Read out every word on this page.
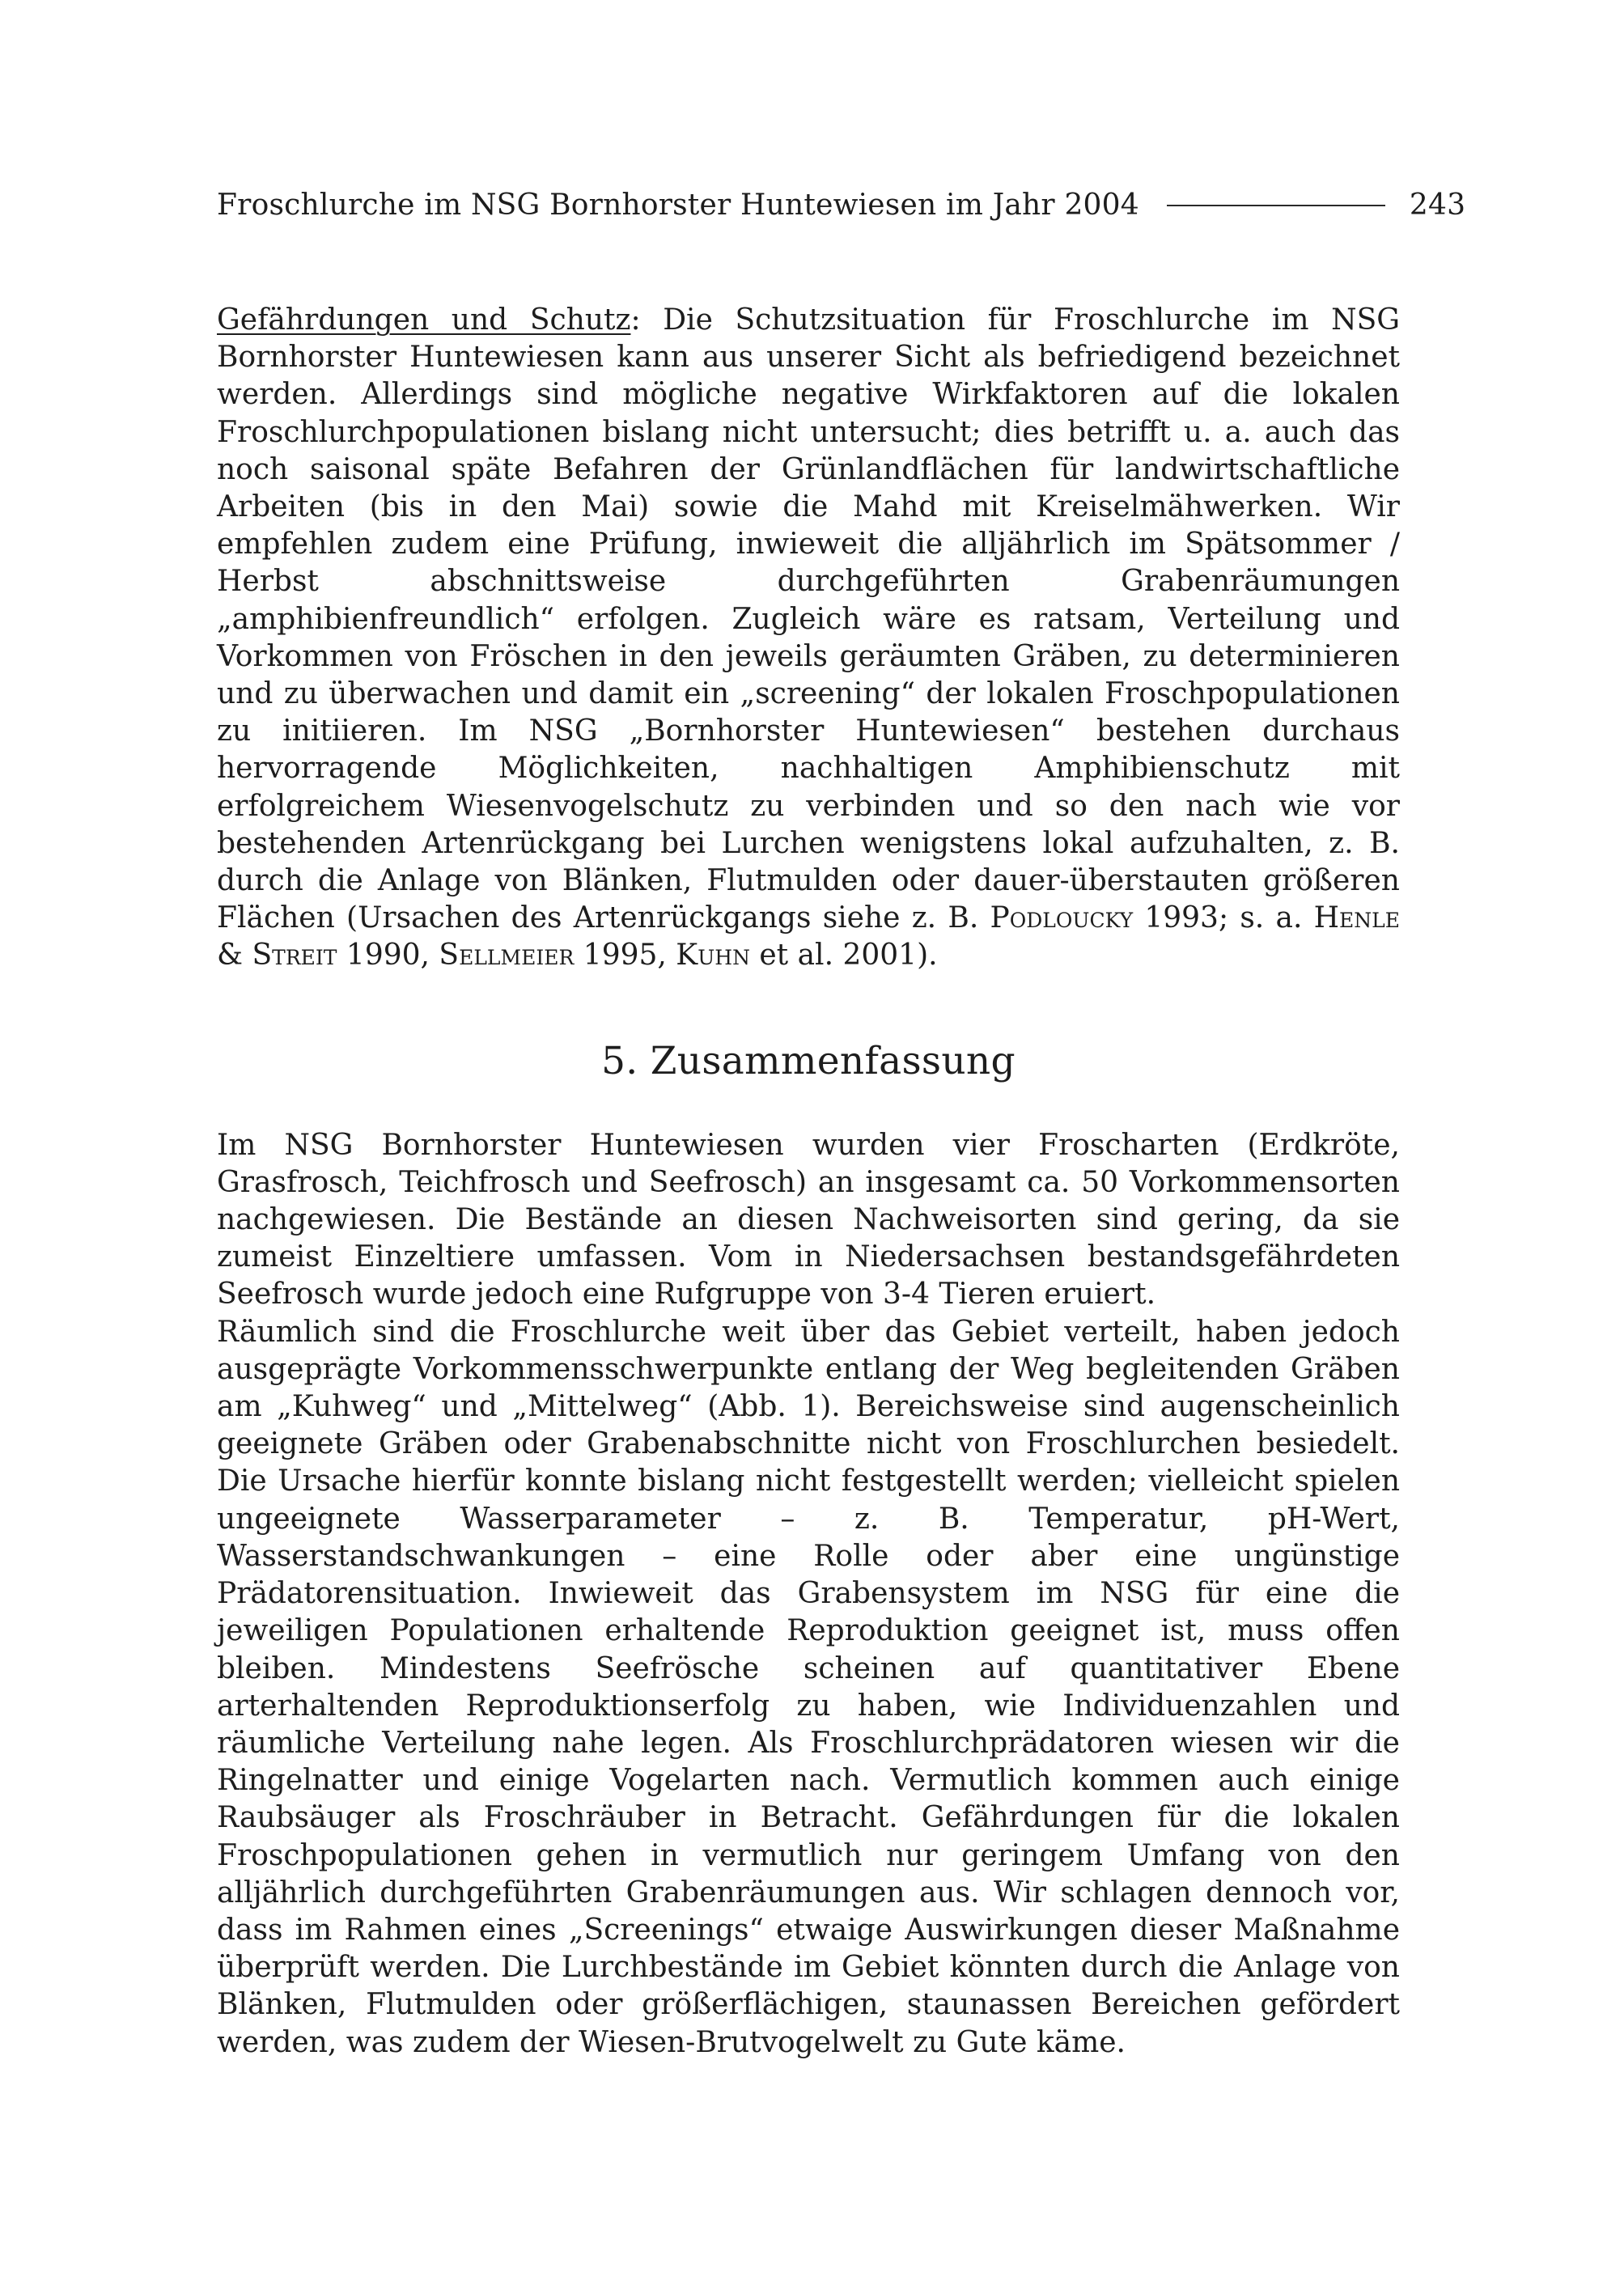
Froschlurche im NSG Bornhorster Huntewiesen im Jahr 2004	243

Gefährdungen und Schutz: Die Schutzsituation für Froschlurche im NSG Bornhorster Huntewiesen kann aus unserer Sicht als befriedigend bezeichnet werden. Allerdings sind mögliche negative Wirkfaktoren auf die lokalen Froschlurchpopulationen bislang nicht untersucht; dies betrifft u. a. auch das noch saisonal späte Befahren der Grünlandflächen für landwirtschaftliche Arbeiten (bis in den Mai) sowie die Mahd mit Kreiselmähwerken. Wir empfehlen zudem eine Prüfung, inwieweit die alljährlich im Spätsommer / Herbst abschnittsweise durchgeführten Grabenräumungen „amphibienfreundlich“ erfolgen. Zugleich wäre es ratsam, Verteilung und Vorkommen von Fröschen in den jeweils geräumten Gräben, zu determinieren und zu überwachen und damit ein „screening“ der lokalen Froschpopulationen zu initiieren. Im NSG „Bornhorster Huntewiesen“ bestehen durchaus hervorragende Möglichkeiten, nachhaltigen Amphibienschutz mit erfolgreichem Wiesenvogelschutz zu verbinden und so den nach wie vor bestehenden Artenrückgang bei Lurchen wenigstens lokal aufzuhalten, z. B. durch die Anlage von Blänken, Flutmulden oder dauer-überstauten größeren Flächen (Ursachen des Artenrückgangs siehe z. B. Podloucky 1993; s. a. Henle & Streit 1990, Sellmeier 1995, Kuhn et al. 2001).

5. Zusammenfassung

Im NSG Bornhorster Huntewiesen wurden vier Froscharten (Erdkröte, Grasfrosch, Teichfrosch und Seefrosch) an insgesamt ca. 50 Vorkommensorten nachgewiesen. Die Bestände an diesen Nachweisorten sind gering, da sie zumeist Einzeltiere umfassen. Vom in Niedersachsen bestandsgefährdeten Seefrosch wurde jedoch eine Rufgruppe von 3-4 Tieren eruiert.

Räumlich sind die Froschlurche weit über das Gebiet verteilt, haben jedoch ausgeprägte Vorkommensschwerpunkte entlang der Weg begleitenden Gräben am „Kuhweg“ und „Mittelweg“ (Abb. 1). Bereichsweise sind augenscheinlich geeignete Gräben oder Grabenabschnitte nicht von Froschlurchen besiedelt. Die Ursache hierfür konnte bislang nicht festgestellt werden; vielleicht spielen ungeeignete Wasserparameter – z. B. Temperatur, pH-Wert, Wasserstandschwankungen – eine Rolle oder aber eine ungünstige Prädatorensituation. Inwieweit das Grabensystem im NSG für eine die jeweiligen Populationen erhaltende Reproduktion geeignet ist, muss offen bleiben. Mindestens Seefrösche scheinen auf quantitativer Ebene arterhaltenden Reproduktionserfolg zu haben, wie Individuenzahlen und räumliche Verteilung nahe legen. Als Froschlurchprädatoren wiesen wir die Ringelnatter und einige Vogelarten nach. Vermutlich kommen auch einige Raubsäuger als Froschräuber in Betracht. Gefährdungen für die lokalen Froschpopulationen gehen in vermutlich nur geringem Umfang von den alljährlich durchgeführten Grabenräumungen aus. Wir schlagen dennoch vor, dass im Rahmen eines „Screenings“ etwaige Auswirkungen dieser Maßnahme überprüft werden. Die Lurchbestände im Gebiet könnten durch die Anlage von Blänken, Flutmulden oder größerflächigen, staunassen Bereichen gefördert werden, was zudem der Wiesen-Brutvogelwelt zu Gute käme.
